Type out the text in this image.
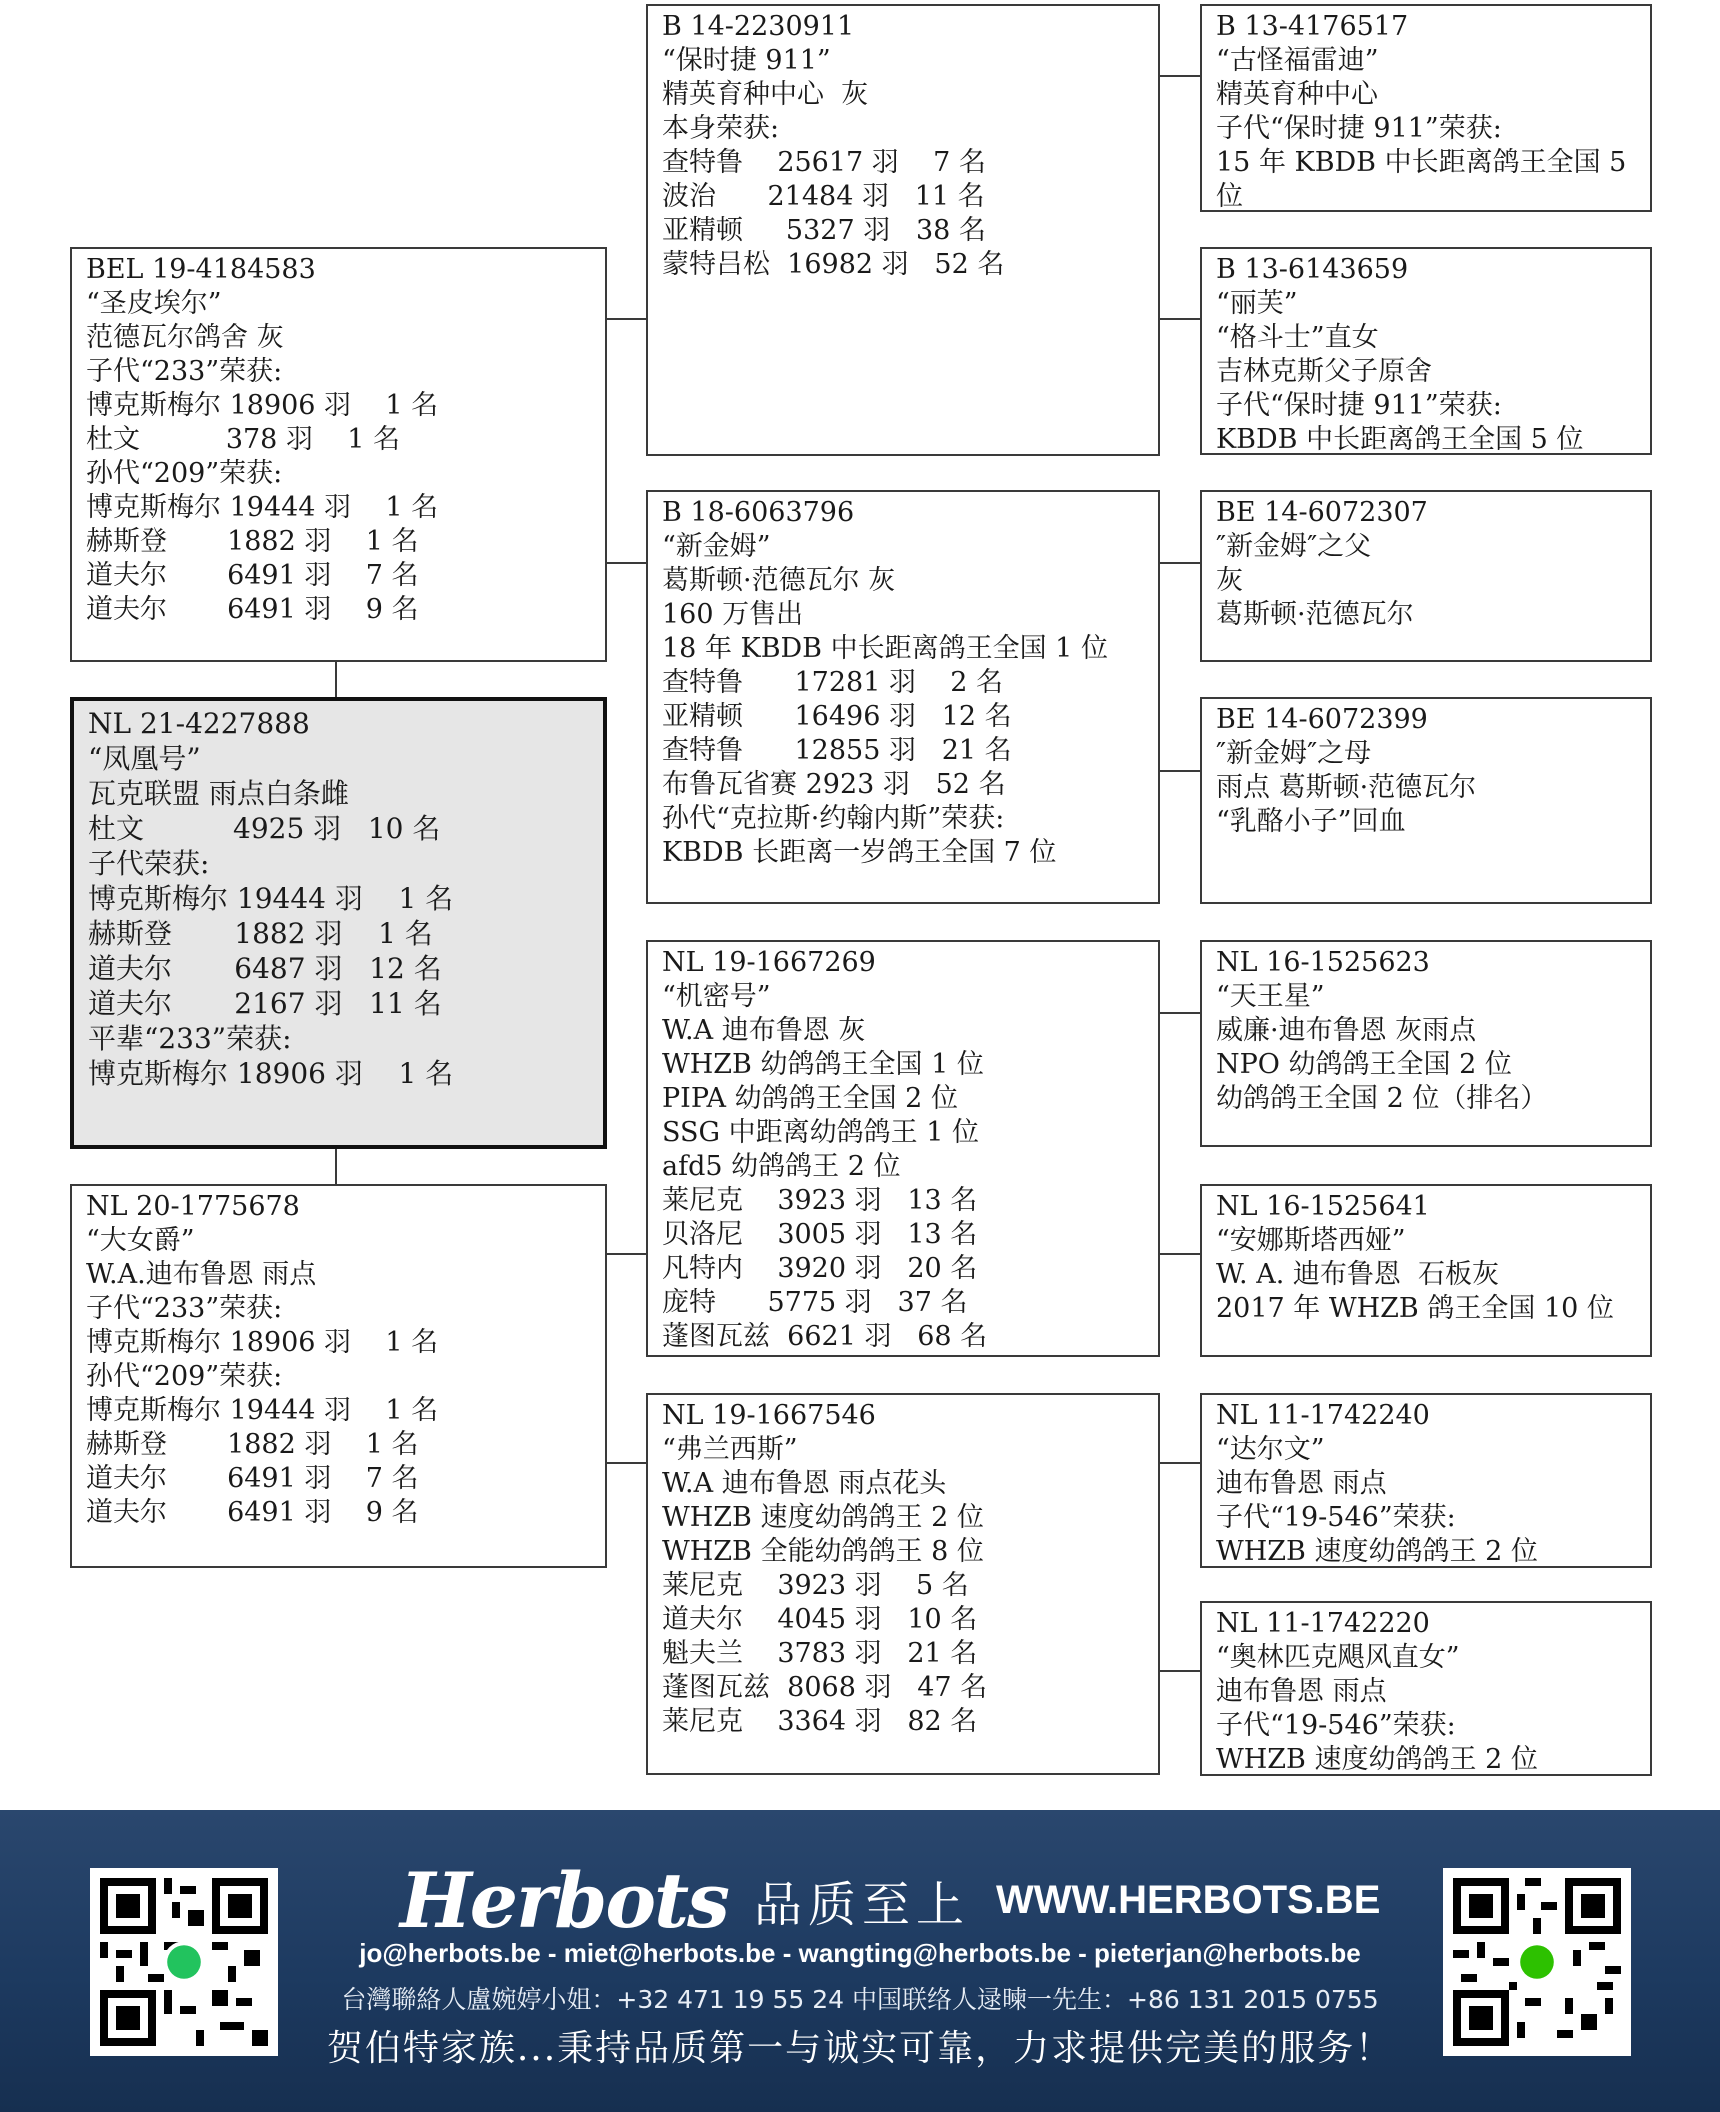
BEL 19-4184583
“圣皮埃尔”
范德瓦尔鸽舍 灰
子代“233”荣获:
博克斯梅尔 18906 羽    1 名
杜文          378 羽    1 名
孙代“209”荣获:
博克斯梅尔 19444 羽    1 名
赫斯登       1882 羽    1 名
道夫尔       6491 羽    7 名
道夫尔       6491 羽    9 名
NL 21-4227888
“凤凰号”
瓦克联盟 雨点白条雌
杜文          4925 羽   10 名
子代荣获:
博克斯梅尔 19444 羽    1 名
赫斯登       1882 羽    1 名
道夫尔       6487 羽   12 名
道夫尔       2167 羽   11 名
平辈“233”荣获:
博克斯梅尔 18906 羽    1 名
NL 20-1775678
“大女爵”
W.A.迪布鲁恩 雨点
子代“233”荣获:
博克斯梅尔 18906 羽    1 名
孙代“209”荣获:
博克斯梅尔 19444 羽    1 名
赫斯登       1882 羽    1 名
道夫尔       6491 羽    7 名
道夫尔       6491 羽    9 名
B 14-2230911
“保时捷 911”
精英育种中心  灰
本身荣获:
查特鲁    25617 羽    7 名
波治      21484 羽   11 名
亚精顿     5327 羽   38 名
蒙特吕松  16982 羽   52 名
B 18-6063796
“新金姆”
葛斯顿·范德瓦尔 灰
160 万售出
18 年 KBDB 中长距离鸽王全国 1 位
查特鲁      17281 羽    2 名
亚精顿      16496 羽   12 名
查特鲁      12855 羽   21 名
布鲁瓦省赛 2923 羽   52 名
孙代“克拉斯·约翰内斯”荣获:
KBDB 长距离一岁鸽王全国 7 位
NL 19-1667269
“机密号”
W.A 迪布鲁恩 灰
WHZB 幼鸽鸽王全国 1 位
PIPA 幼鸽鸽王全国 2 位
SSG 中距离幼鸽鸽王 1 位
afd5 幼鸽鸽王 2 位
莱尼克    3923 羽   13 名
贝洛尼    3005 羽   13 名
凡特内    3920 羽   20 名
庞特      5775 羽   37 名
蓬图瓦兹  6621 羽   68 名
NL 19-1667546
“弗兰西斯”
W.A 迪布鲁恩 雨点花头
WHZB 速度幼鸽鸽王 2 位
WHZB 全能幼鸽鸽王 8 位
莱尼克    3923 羽    5 名
道夫尔    4045 羽   10 名
魁夫兰    3783 羽   21 名
蓬图瓦兹  8068 羽   47 名
莱尼克    3364 羽   82 名
B 13-4176517
“古怪福雷迪”
精英育种中心
子代“保时捷 911”荣获:
15 年 KBDB 中长距离鸽王全国 5
位
B 13-6143659
“丽芙”
“格斗士”直女
吉林克斯父子原舍
子代“保时捷 911”荣获:
KBDB 中长距离鸽王全国 5 位
BE 14-6072307
″新金姆″之父
灰
葛斯顿·范德瓦尔
BE 14-6072399
″新金姆″之母
雨点 葛斯顿·范德瓦尔
“乳酪小子”回血
NL 16-1525623
“天王星”
威廉·迪布鲁恩 灰雨点
NPO 幼鸽鸽王全国 2 位
幼鸽鸽王全国 2 位（排名）
NL 16-1525641
“安娜斯塔西娅”
W. A. 迪布鲁恩  石板灰
2017 年 WHZB 鸽王全国 10 位
NL 11-1742240
“达尔文”
迪布鲁恩 雨点
子代“19-546”荣获:
WHZB 速度幼鸽鸽王 2 位
NL 11-1742220
“奥林匹克飓风直女”
迪布鲁恩 雨点
子代“19-546”荣获:
WHZB 速度幼鸽鸽王 2 位
Herbots 品质至上 WWW.HERBOTS.BE
jo@herbots.be - miet@herbots.be - wangting@herbots.be - pieterjan@herbots.be
台灣聯絡人盧婉婷小姐：+32 471 19 55 24 中国联络人逯暕一先生：+86 131 2015 0755
贺伯特家族...秉持品质第一与诚实可靠，力求提供完美的服务！
